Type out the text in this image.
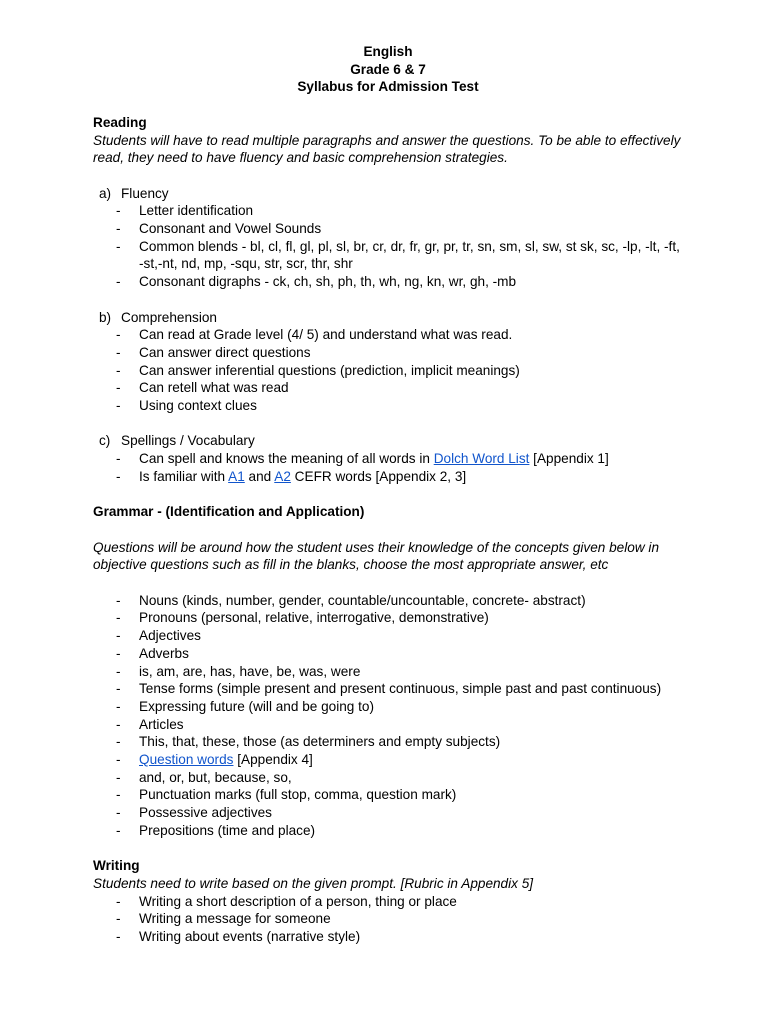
English
Grade 6 & 7
Syllabus for Admission Test
Reading
Students will have to read multiple paragraphs and answer the questions. To be able to effectively read, they need to have fluency and basic comprehension strategies.
a) Fluency
- Letter identification
- Consonant and Vowel Sounds
- Common blends - bl, cl, fl, gl, pl, sl, br, cr, dr, fr, gr, pr, tr, sn, sm, sl, sw, st sk, sc, -lp, -lt, -ft, -st,-nt, nd, mp, -squ, str, scr, thr, shr
- Consonant digraphs - ck, ch, sh, ph, th, wh, ng, kn, wr, gh, -mb
b) Comprehension
- Can read at Grade level (4/ 5) and understand what was read.
- Can answer direct questions
- Can answer inferential questions (prediction, implicit meanings)
- Can retell what was read
- Using context clues
c) Spellings / Vocabulary
- Can spell and knows the meaning of all words in Dolch Word List [Appendix 1]
- Is familiar with A1 and A2 CEFR words [Appendix 2, 3]
Grammar - (Identification and Application)
Questions will be around how the student uses their knowledge of the concepts given below in objective questions such as fill in the blanks, choose the most appropriate answer, etc
- Nouns (kinds, number, gender, countable/uncountable, concrete- abstract)
- Pronouns (personal, relative, interrogative, demonstrative)
- Adjectives
- Adverbs
- is, am, are, has, have, be, was, were
- Tense forms (simple present and present continuous, simple past and past continuous)
- Expressing future (will and be going to)
- Articles
- This, that, these, those (as determiners and empty subjects)
- Question words [Appendix 4]
- and, or, but, because, so,
- Punctuation marks (full stop, comma, question mark)
- Possessive adjectives
- Prepositions (time and place)
Writing
Students need to write based on the given prompt. [Rubric in Appendix 5]
- Writing a short description of a person, thing or place
- Writing a message for someone
- Writing about events (narrative style)
